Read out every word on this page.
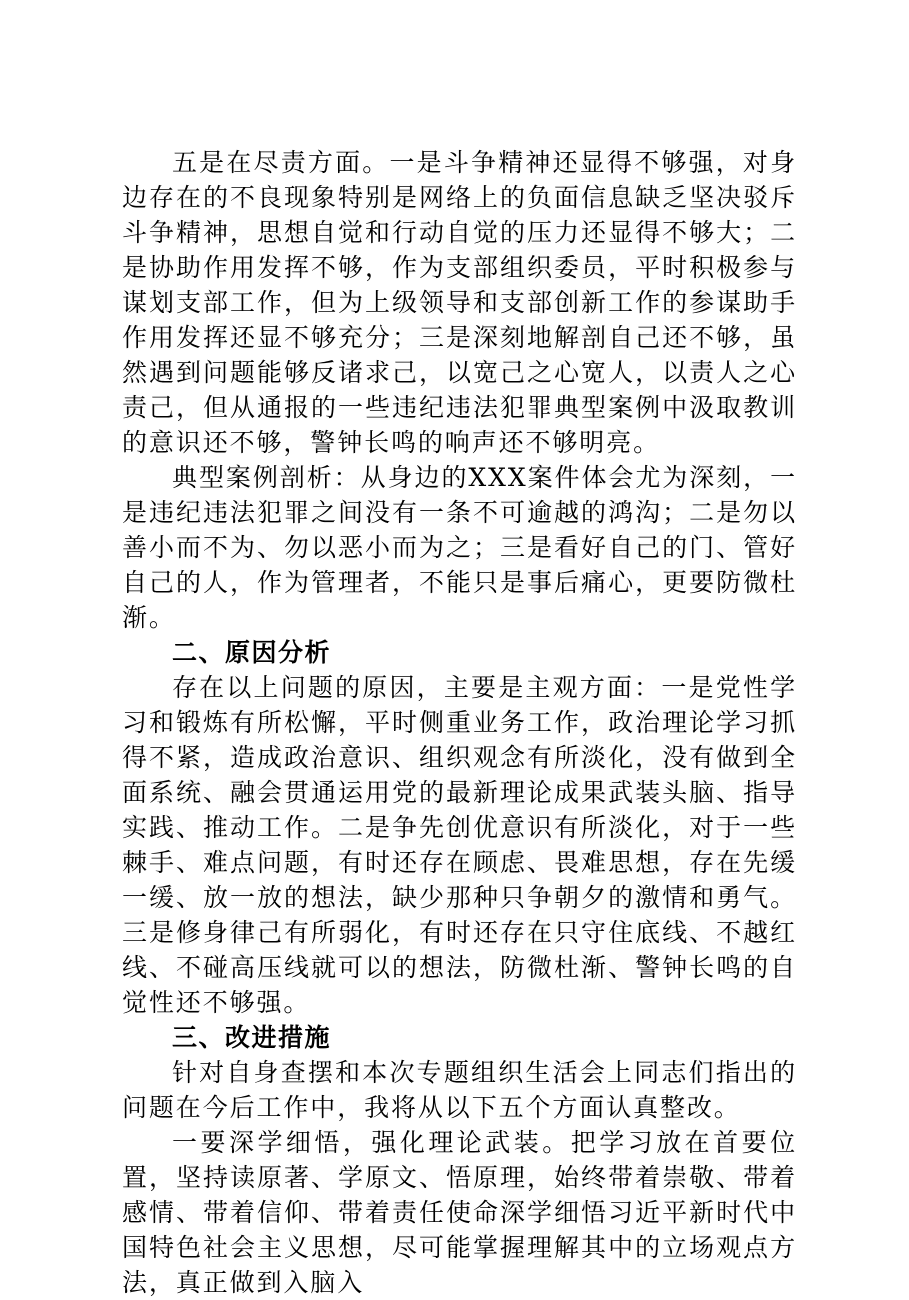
五是在尽责方面。一是斗争精神还显得不够强，对身边存在的不良现象特别是网络上的负面信息缺乏坚决驳斥斗争精神，思想自觉和行动自觉的压力还显得不够大；二是协助作用发挥不够，作为支部组织委员，平时积极参与谋划支部工作，但为上级领导和支部创新工作的参谋助手作用发挥还显不够充分；三是深刻地解剖自己还不够，虽然遇到问题能够反诸求己，以宽己之心宽人，以责人之心责己，但从通报的一些违纪违法犯罪典型案例中汲取教训的意识还不够，警钟长鸣的响声还不够明亮。

典型案例剖析：从身边的XXX案件体会尤为深刻，一是违纪违法犯罪之间没有一条不可逾越的鸿沟；二是勿以善小而不为、勿以恶小而为之；三是看好自己的门、管好自己的人，作为管理者，不能只是事后痛心，更要防微杜渐。

二、原因分析

存在以上问题的原因，主要是主观方面：一是党性学习和锻炼有所松懈，平时侧重业务工作，政治理论学习抓得不紧，造成政治意识、组织观念有所淡化，没有做到全面系统、融会贯通运用党的最新理论成果武装头脑、指导实践、推动工作。二是争先创优意识有所淡化，对于一些棘手、难点问题，有时还存在顾虑、畏难思想，存在先缓一缓、放一放的想法，缺少那种只争朝夕的激情和勇气。三是修身律己有所弱化，有时还存在只守住底线、不越红线、不碰高压线就可以的想法，防微杜渐、警钟长鸣的自觉性还不够强。

三、改进措施

针对自身查摆和本次专题组织生活会上同志们指出的问题在今后工作中，我将从以下五个方面认真整改。

一要深学细悟，强化理论武装。把学习放在首要位置，坚持读原著、学原文、悟原理，始终带着崇敬、带着感情、带着信仰、带着责任使命深学细悟习近平新时代中国特色社会主义思想，尽可能掌握理解其中的立场观点方法，真正做到入脑入
